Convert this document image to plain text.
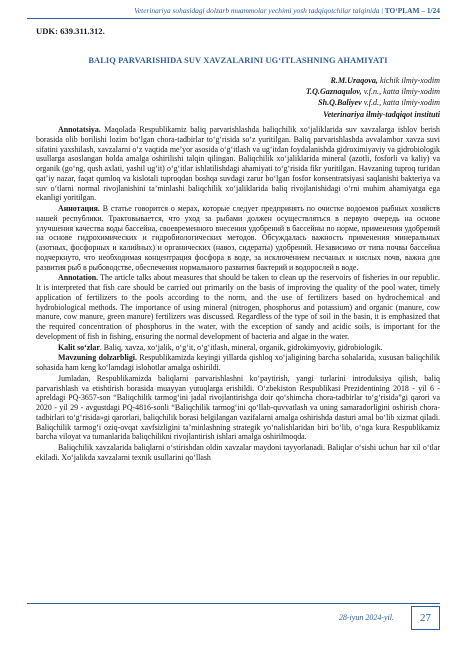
Veterinariya sohasidagi dolzarb muammolar yechimi yosh tadqiqotchilar talqinida | TO‘PLAM – 1/24
UDK: 639.311.312.
BALIQ PARVARISHIDA SUV XAVZALARINI UG‘ITLASHNING AHAMIYATI
R.M.Uraqova, kichik ilmiy-xodim
T.Q.Gaznaqulov, v.f.n., katta ilmiy-xodim
Sh.Q.Baliyev v.f.d., katta ilmiy-xodim
Veterinariya ilmiy-tadqiqot instituti

Annotatsiya. Maqolada Respublikamiz baliq parvarishlashda baliqchilik xo‘jaliklarida suv xavzalarga ishlov berish borasida olib borilishi lozim bo‘lgan chora-tadbirlar to‘g‘risida so‘z yuritilgan. Baliq parvarishlashda avvalambor xavza suvi sifatini yaxshilash, xavzalarni o‘z vaqtida me’yor asosida o‘g‘itlash va ug‘itdan foydalanishda gidroximiyaviy va gidrobiologik usullarga asoslangan holda amalga oshirilishi talqin qilingan. Baliqchilik xo‘jaliklarida mineral (azotli, fosforli va kaliy) va organik (go‘ng, qush axlati, yashil ug‘it) o‘g‘itlar ishlatilishdagi ahamiyati to‘g‘risida fikr yuritilgan. Havzaning tuproq turidan qat’iy nazar, faqat qumloq va kislotali tuproqdan boshqa suvdagi zarur bo‘lgan fosfor konsentratsiyasi saqlanishi bakteriya va suv o‘tlarni normal rivojlanishini ta’minlashi baliqchilik xo‘jaliklarida baliq rivojlanishidagi o‘rni muhim ahamiyatga ega ekanligi yoritilgan.

Аннотация. В статье говорится о мерах, которые следует предпринять по очистке водоемов рыбных хозяйств нашей республики. Трактовывается, что уход за рыбами должен осуществляться в первую очередь на основе улучшения качества воды бассейна, своевременного внесения удобрений в бассейны по норме, применения удобрений на основе гидрохимических и гидробиологических методов. Обсуждалась важность применения минеральных (азотных, фосфорных и калийных) и органических (навоз, сидераты) удобрений. Независимо от типа почвы бассейна подчеркнуто, что необходимая концентрация фосфора в воде, за исключением песчаных и кислых почв, важна для развития рыб в рыбоводстве, обеспечения нормального развития бактерий и водорослей в воде.

Annotation. The article talks about measures that should be taken to clean up the reservoirs of fisheries in our republic. It is interpreted that fish care should be carried out primarily on the basis of improving the quality of the pool water, timely application of fertilizers to the pools according to the norm, and the use of fertilizers based on hydrochemical and hydrobiological methods. The importance of using mineral (nitrogen, phosphorus and potassium) and organic (manure, cow manure, cow manure, green manure) fertilizers was discussed. Regardless of the type of soil in the basin, it is emphasized that the required concentration of phosphorus in the water, with the exception of sandy and acidic soils, is important for the development of fish in fishing, ensuring the normal development of bacteria and algae in the water.

Kalit so‘zlar. Baliq, xavza, xo‘jalik, o‘g‘it, o‘g‘itlash, mineral, organik, gidrokimyoviy, gidrobiologik.

Mavzuning dolzarbligi. Respublikamizda keyingi yillarda qishloq xo‘jaligining barcha sohalarida, xususan baliqchilik sohasida ham keng ko‘lamdagi islohotlar amalga oshirildi.

Jumladan, Respublikamizda baliqlarni parvarishlashni ko‘paytirish, yangi turlarini introduksiya qilish, baliq parvarishlash va etishtirish borasida muayyan yutuqlarga erishildi. O‘zbekiston Respublikasi Prezidentining 2018 - yil 6 - apreldagi PQ-3657-son “Baliqchilik tarmog‘ini jadal rivojlantirishga doir qo‘shimcha chora-tadbirlar to‘g‘risida”gi qarori va 2020 - yil 29 - avgustdagi PQ-4816-sonli “Baliqchilik tarmog‘ini qo‘llab-quvvatlash va uning samaradorligini oshirish chora-tadbirlari to‘g‘risida»gi qarorlari, baliqchilik borasi belgilangan vazifalarni amalga oshirishda dasturi amal bo‘lib xizmat qiladi. Baliqchilik tarmog‘i oziq-ovqat xavfsizligini ta’minlashning strategik yo‘nalishlaridan biri bo‘lib, o‘nga kura Respublikamiz barcha viloyat va tumanlarida baliqchilikni rivojlantirish ishlari amalga oshirilmoqda.

Baliqchilik xavzalarida baliqlarni o‘stirishdan oldin xavzalar maydoni tayyorlanadi. Baliqlar o‘sishi uchun har xil o‘tlar ekiladi. Xo‘jalikda xavzalarni texnik usullarini qo‘llash

28-iyun 2024-yil.	27
